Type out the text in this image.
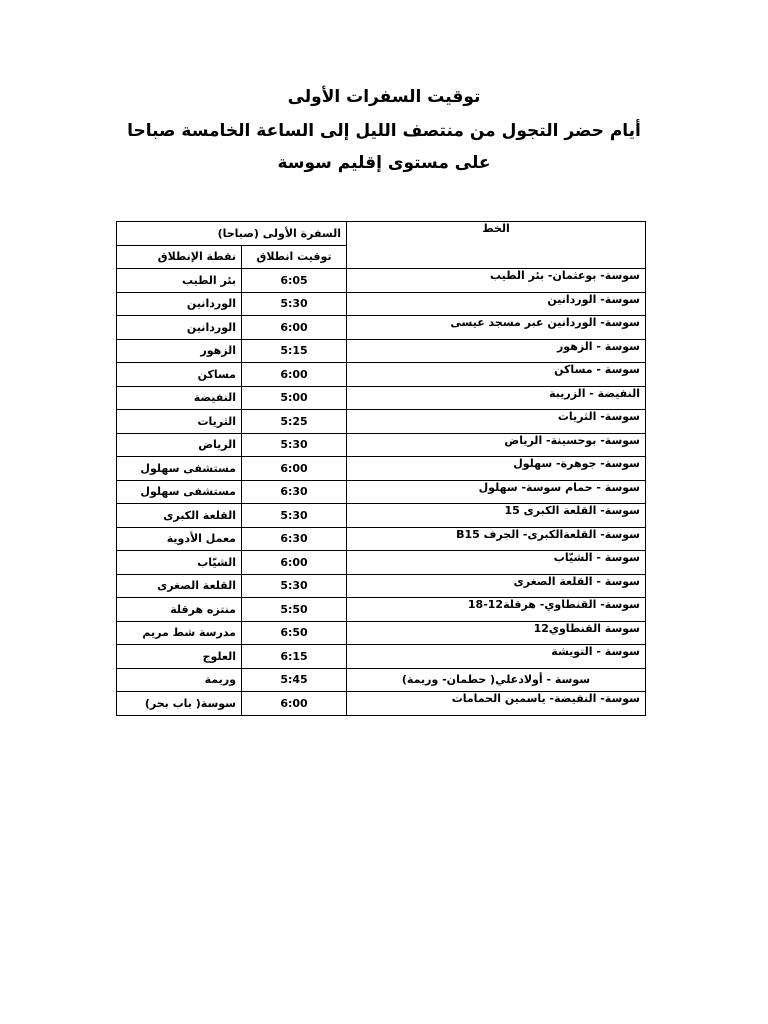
توقيت السفرات الأولى
أيام حضر التجول من منتصف الليل إلى الساعة الخامسة صباحا
على مستوى إقليم سوسة
السفرة الأولى (صباحا)		الخط
نقطة الإنطلاق	توقيت انطلاق	
بئر الطيب	6:05	سوسة- بوعثمان- بئر الطيب
الوردانين	5:30	سوسة- الوردانين
الوردانين	6:00	سوسة- الوردانين عبر مسجد عيسى
الزهور	5:15	سوسة - الزهور
مساكن	6:00	سوسة - مساكن
النفيضة	5:00	النفيضة - الزريبة
الثريات	5:25	سوسة- الثريات
الرياض	5:30	سوسة- بوحسينة- الرياض
مستشفى سهلول	6:00	سوسة- جوهرة- سهلول
مستشفى سهلول	6:30	سوسة - حمام سوسة- سهلول
القلعة الكبرى	5:30	سوسة- القلعة الكبرى 15
معمل الأدوية	6:30	سوسة- القلعةالكبرى- الجرف B15
الشيّاب	6:00	سوسة - الشيّاب
القلعة الصغرى	5:30	سوسة - القلعة الصغرى
منتزه هرقلة	5:50	سوسة- القنطاوي- هرقلة12-18
مدرسة شط مريم	6:50	سوسة القنطاوي12
العلوج	6:15	سوسة - التويشة
وريمة	5:45	سوسة - أولادعلي( حطمان- وريمة)
سوسة( باب بحر)	6:00	سوسة- النفيضة- ياسمين الحمامات
